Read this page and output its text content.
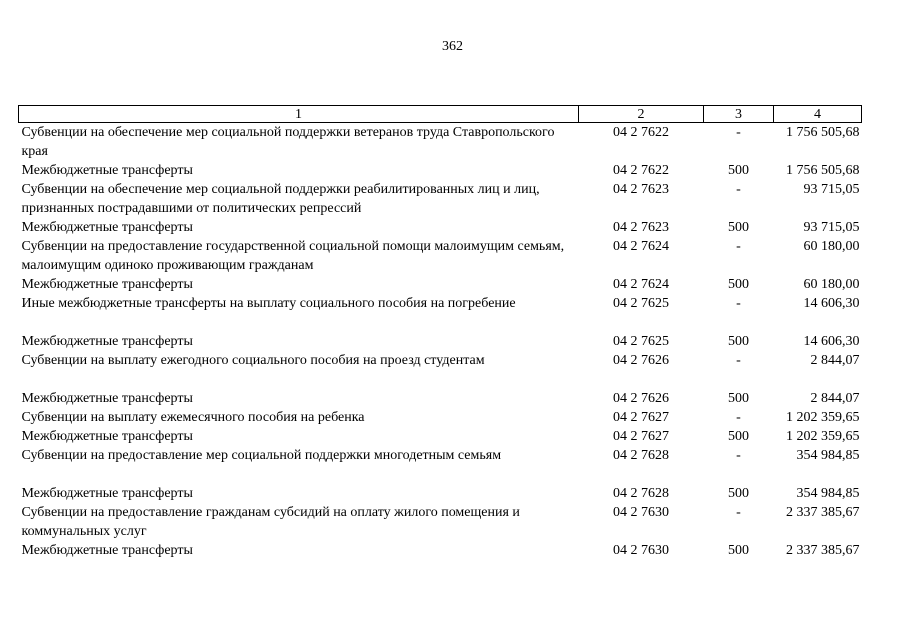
362
1	2	3	4
Субвенции на обеспечение мер социальной поддержки ветеранов труда Ставропольского края	04 2 7622	-	1 756 505,68
Межбюджетные трансферты	04 2 7622	500	1 756 505,68
Субвенции на обеспечение мер социальной поддержки реабилитированных лиц и лиц, признанных пострадавшими от политических репрессий	04 2 7623	-	93 715,05
Межбюджетные трансферты	04 2 7623	500	93 715,05
Субвенции на предоставление государственной социальной помощи малоимущим семьям, малоимущим одиноко проживающим гражданам	04 2 7624	-	60 180,00
Межбюджетные трансферты	04 2 7624	500	60 180,00
Иные межбюджетные трансферты на выплату социального пособия на погребение	04 2 7625	-	14 606,30

Межбюджетные трансферты	04 2 7625	500	14 606,30
Субвенции на выплату ежегодного социального пособия на проезд студентам	04 2 7626	-	2 844,07

Межбюджетные трансферты	04 2 7626	500	2 844,07
Субвенции на выплату ежемесячного пособия на ребенка	04 2 7627	-	1 202 359,65
Межбюджетные трансферты	04 2 7627	500	1 202 359,65
Субвенции на предоставление мер социальной поддержки многодетным семьям	04 2 7628	-	354 984,85

Межбюджетные трансферты	04 2 7628	500	354 984,85
Субвенции на предоставление гражданам субсидий на оплату жилого помещения и коммунальных услуг	04 2 7630	-	2 337 385,67
Межбюджетные трансферты	04 2 7630	500	2 337 385,67
